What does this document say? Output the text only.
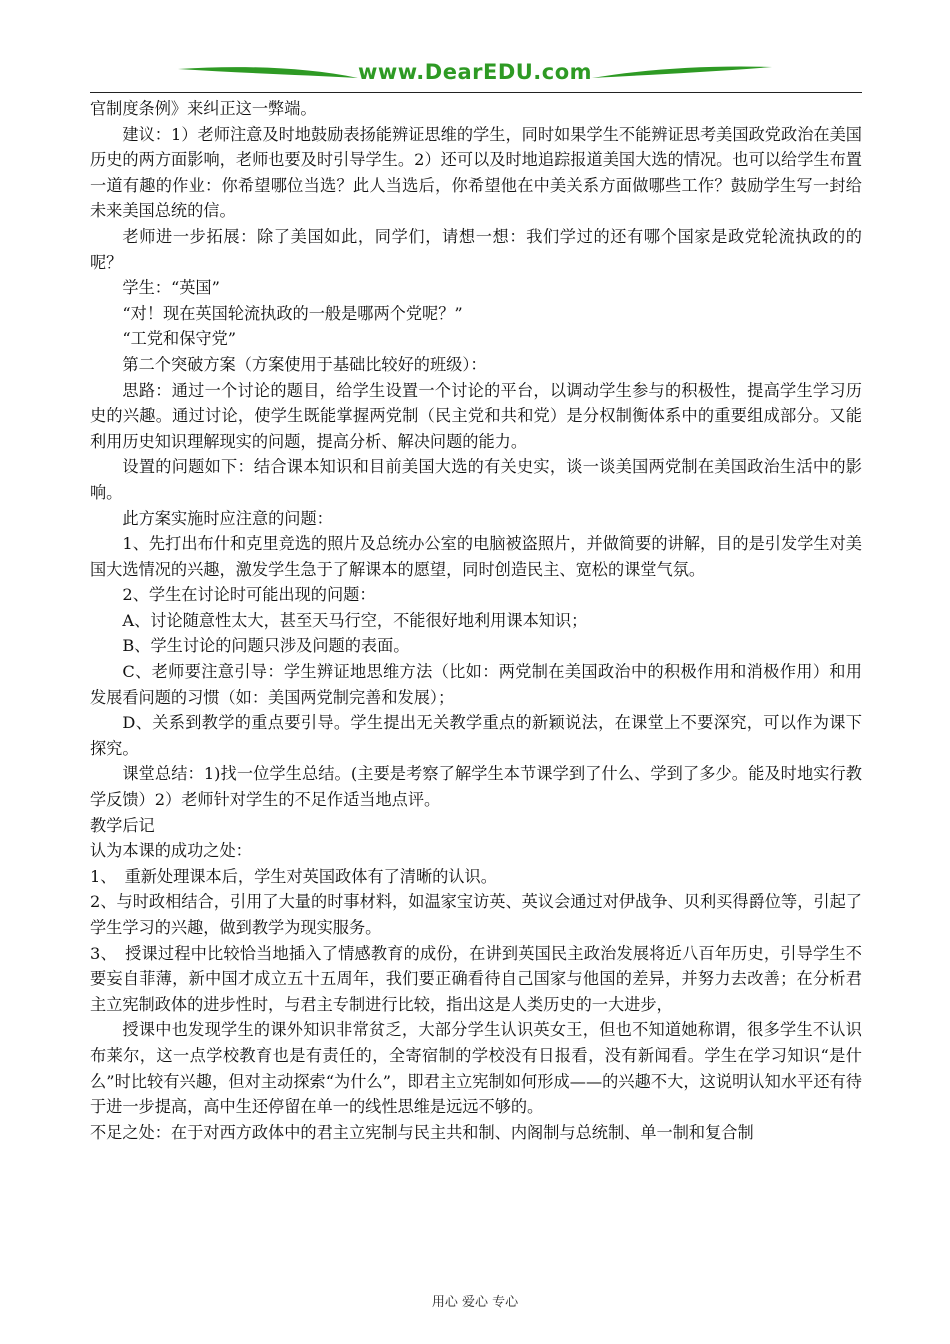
www.DearEDU.com

官制度条例》来纠正这一弊端。

建议：1）老师注意及时地鼓励表扬能辨证思维的学生，同时如果学生不能辨证思考美国政党政治在美国历史的两方面影响，老师也要及时引导学生。2）还可以及时地追踪报道美国大选的情况。也可以给学生布置一道有趣的作业：你希望哪位当选？此人当选后，你希望他在中美关系方面做哪些工作？鼓励学生写一封给未来美国总统的信。

老师进一步拓展：除了美国如此，同学们，请想一想：我们学过的还有哪个国家是政党轮流执政的的呢？

学生：“英国”

“对！现在英国轮流执政的一般是哪两个党呢？”

“工党和保守党”

第二个突破方案（方案使用于基础比较好的班级）：

思路：通过一个讨论的题目，给学生设置一个讨论的平台，以调动学生参与的积极性，提高学生学习历史的兴趣。通过讨论，使学生既能掌握两党制（民主党和共和党）是分权制衡体系中的重要组成部分。又能利用历史知识理解现实的问题，提高分析、解决问题的能力。

设置的问题如下：结合课本知识和目前美国大选的有关史实，谈一谈美国两党制在美国政治生活中的影响。

此方案实施时应注意的问题：

1、先打出布什和克里竞选的照片及总统办公室的电脑被盗照片，并做简要的讲解，目的是引发学生对美国大选情况的兴趣，激发学生急于了解课本的愿望，同时创造民主、宽松的课堂气氛。

2、学生在讨论时可能出现的问题：

A、讨论随意性太大，甚至天马行空，不能很好地利用课本知识；

B、学生讨论的问题只涉及问题的表面。

C、老师要注意引导：学生辨证地思维方法（比如：两党制在美国政治中的积极作用和消极作用）和用发展看问题的习惯（如：美国两党制完善和发展）；

D、关系到教学的重点要引导。学生提出无关教学重点的新颖说法，在课堂上不要深究，可以作为课下探究。

课堂总结：1)找一位学生总结。(主要是考察了解学生本节课学到了什么、学到了多少。能及时地实行教学反馈）2）老师针对学生的不足作适当地点评。

教学后记

认为本课的成功之处：

1、　重新处理课本后，学生对英国政体有了清晰的认识。

2、与时政相结合，引用了大量的时事材料，如温家宝访英、英议会通过对伊战争、贝利买得爵位等，引起了学生学习的兴趣，做到教学为现实服务。

3、　授课过程中比较恰当地插入了情感教育的成份，在讲到英国民主政治发展将近八百年历史，引导学生不要妄自菲薄，新中国才成立五十五周年，我们要正确看待自己国家与他国的差异，并努力去改善；在分析君主立宪制政体的进步性时，与君主专制进行比较，指出这是人类历史的一大进步，

授课中也发现学生的课外知识非常贫乏，大部分学生认识英女王，但也不知道她称谓，很多学生不认识布莱尔，这一点学校教育也是有责任的，全寄宿制的学校没有日报看，没有新闻看。学生在学习知识“是什么”时比较有兴趣，但对主动探索“为什么”，即君主立宪制如何形成——的兴趣不大，这说明认知水平还有待于进一步提高，高中生还停留在单一的线性思维是远远不够的。

不足之处：在于对西方政体中的君主立宪制与民主共和制、内阁制与总统制、单一制和复合制

用心 爱心 专心
